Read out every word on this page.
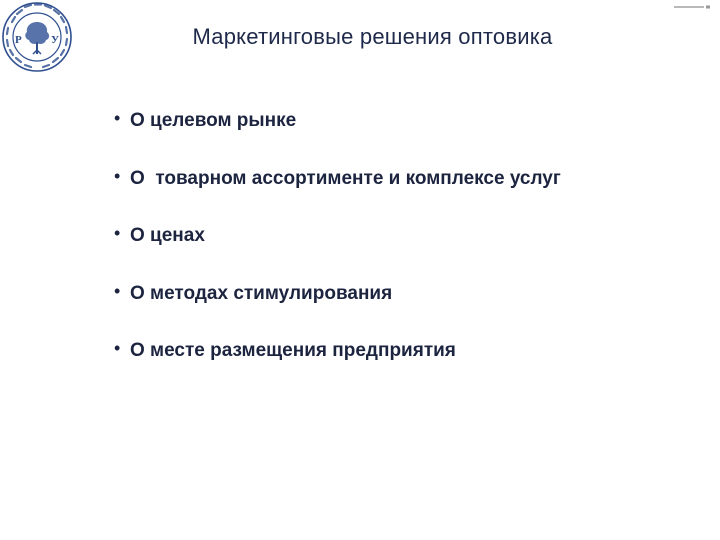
Р	У	Маркетинговые решения оптовика
• О целевом рынке
• О  товарном ассортименте и комплексе услуг
• О ценах
• О методах стимулирования
• О месте размещения предприятия
